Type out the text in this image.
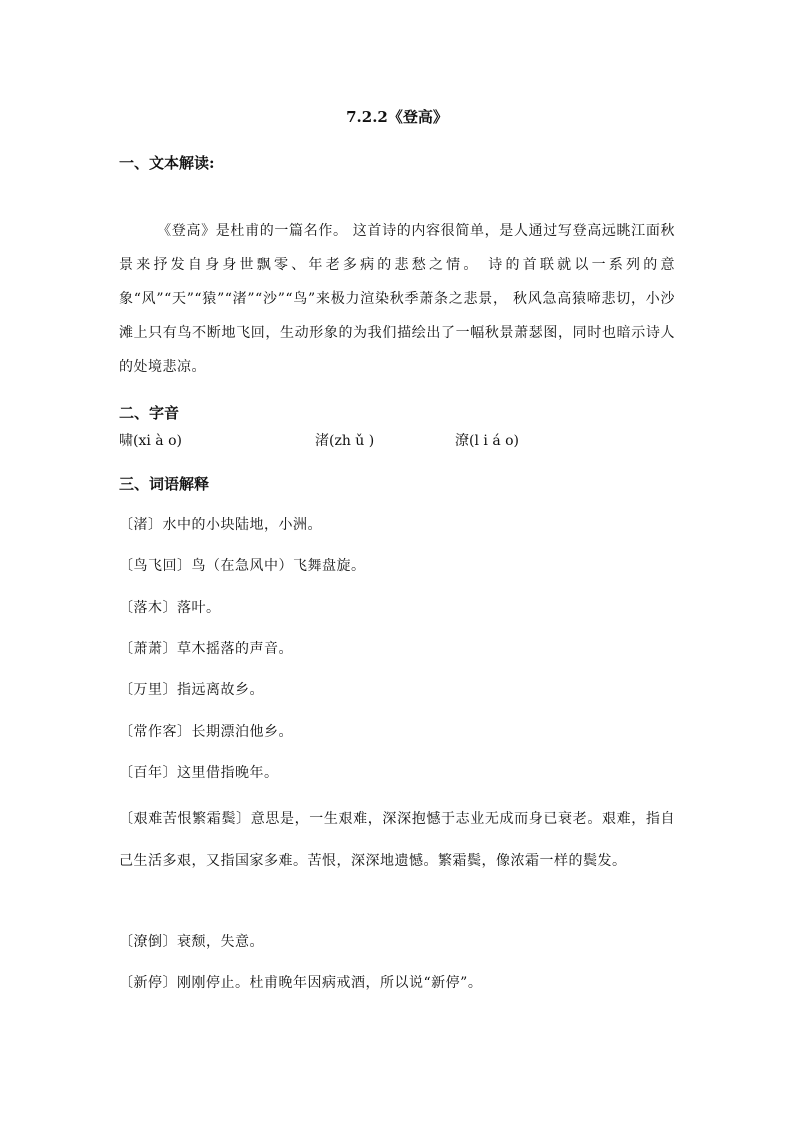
7.2.2《登高》
一、文本解读:
《登高》是杜甫的一篇名作。 这首诗的内容很简单，是人通过写登高远眺江面秋景来抒发自身身世飘零、年老多病的悲愁之情。 诗的首联就以一系列的意象“风”“天”“猿”“渚”“沙”“鸟”来极力渲染秋季萧条之悲景， 秋风急高猿啼悲切，小沙滩上只有鸟不断地飞回，生动形象的为我们描绘出了一幅秋景萧瑟图，同时也暗示诗人的处境悲凉。
二、字音
啸(xi à o)	渚(zh ǔ )	潦(l i á o)
三、词语解释
〔渚〕水中的小块陆地，小洲。
〔鸟飞回〕鸟（在急风中）飞舞盘旋。
〔落木〕落叶。
〔萧萧〕草木摇落的声音。
〔万里〕指远离故乡。
〔常作客〕长期漂泊他乡。
〔百年〕这里借指晚年。
〔艰难苦恨繁霜鬓〕意思是，一生艰难，深深抱憾于志业无成而身已衰老。艰难，指自己生活多艰，又指国家多难。苦恨，深深地遗憾。繁霜鬓，像浓霜一样的鬓发。
〔潦倒〕衰颓，失意。
〔新停〕刚刚停止。杜甫晚年因病戒酒，所以说“新停”。
